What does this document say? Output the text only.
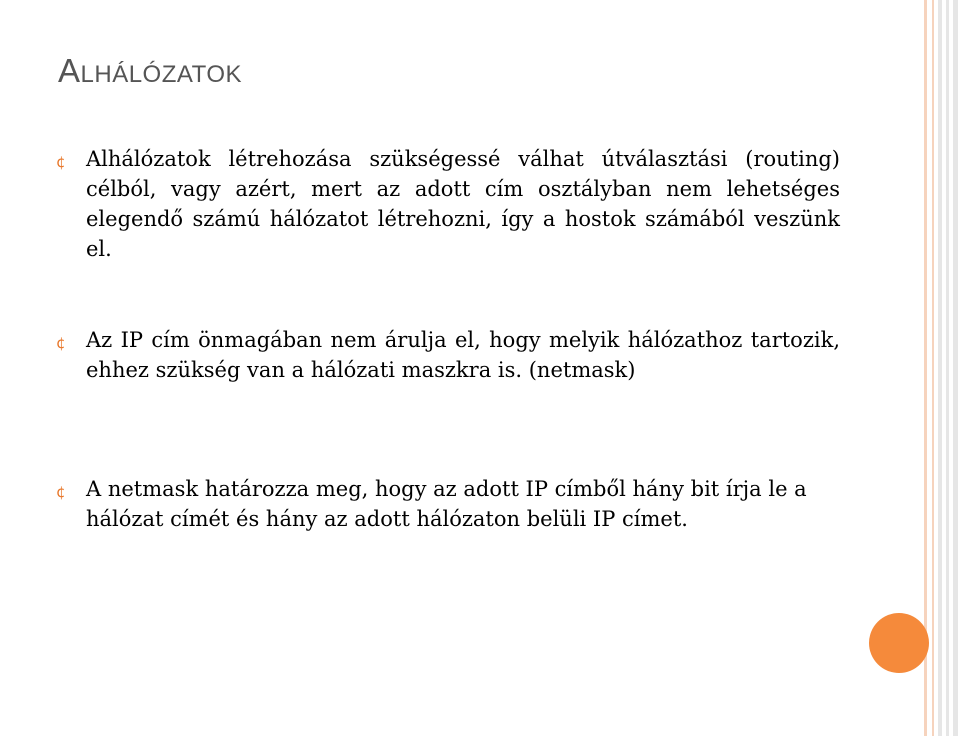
ALHÁLÓZATOK
¢ Alhálózatok létrehozása szükségessé válhat útválasztási (routing) célból, vagy azért, mert az adott cím osztályban nem lehetséges elegendő számú hálózatot létrehozni, így a hostok számából veszünk el.
¢ Az IP cím önmagában nem árulja el, hogy melyik hálózathoz tartozik, ehhez szükség van a hálózati maszkra is. (netmask)
¢ A netmask határozza meg, hogy az adott IP címből hány bit írja le a hálózat címét és hány az adott hálózaton belüli IP címet.
